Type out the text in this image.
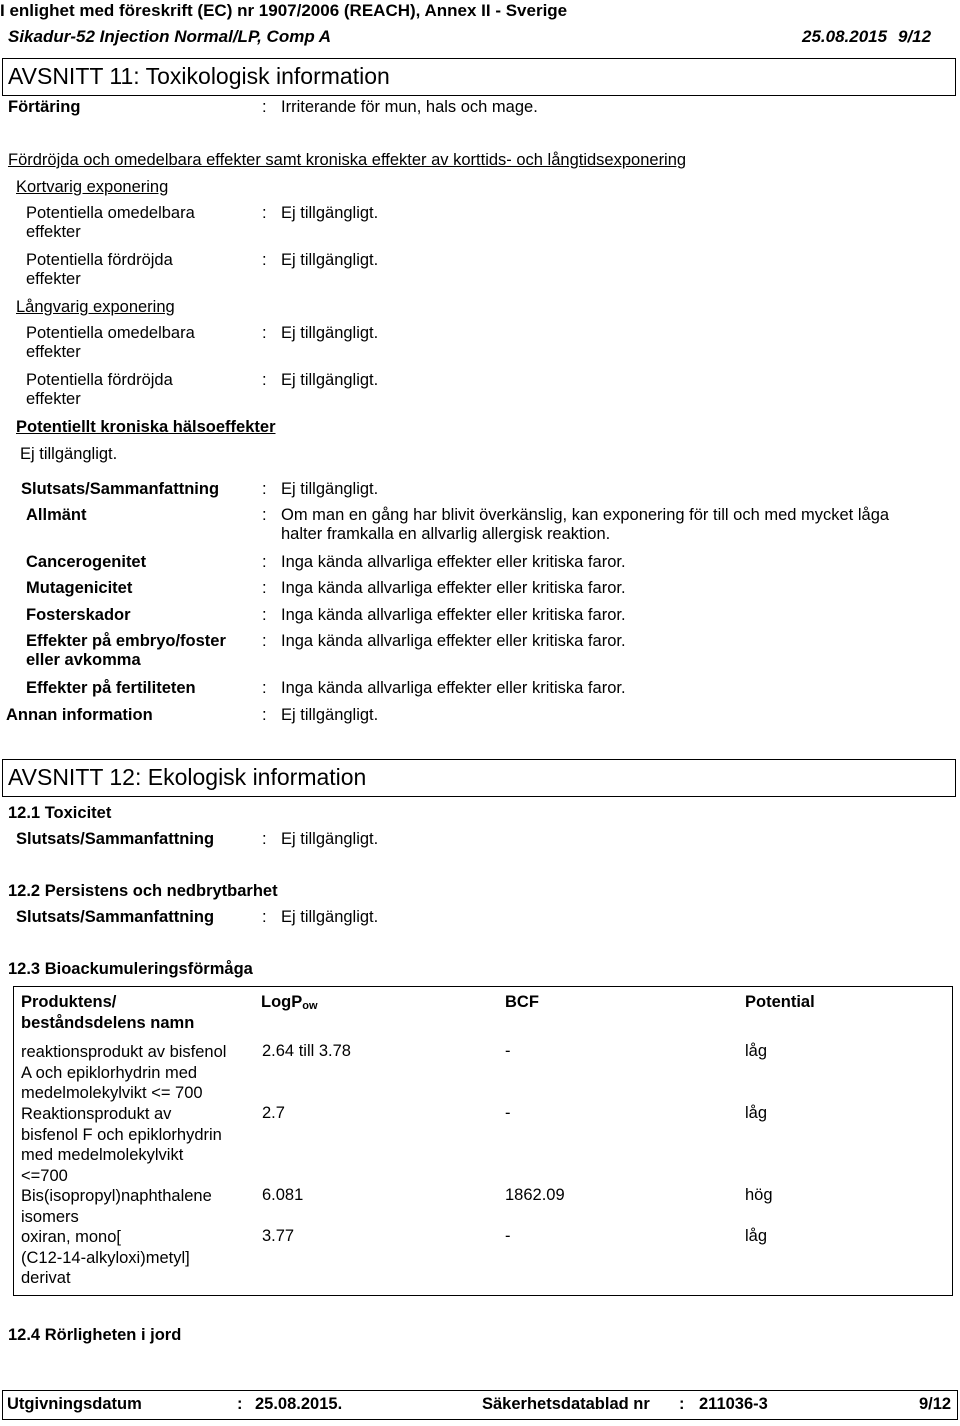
I enlighet med föreskrift (EC) nr 1907/2006 (REACH), Annex II - Sverige
Sikadur-52 Injection Normal/LP, Comp A	25.08.2015 9/12
AVSNITT 11: Toxikologisk information
Förtäring	: Irriterande för mun, hals och mage.
Fördröjda och omedelbara effekter samt kroniska effekter av korttids- och långtidsexponering
Kortvarig exponering
Potentiella omedelbara
effekter
: Ej tillgängligt.
Potentiella fördröjda
effekter
: Ej tillgängligt.
Långvarig exponering
Potentiella omedelbara
effekter
: Ej tillgängligt.
Potentiella fördröjda
effekter
: Ej tillgängligt.
Potentiellt kroniska hälsoeffekter
Ej tillgängligt.
Slutsats/Sammanfattning	: Ej tillgängligt.
Allmänt	: Om man en gång har blivit överkänslig, kan exponering för till och med mycket låga
halter framkalla en allvarlig allergisk reaktion.
Cancerogenitet	: Inga kända allvarliga effekter eller kritiska faror.
Mutagenicitet	: Inga kända allvarliga effekter eller kritiska faror.
Fosterskador	: Inga kända allvarliga effekter eller kritiska faror.
Effekter på embryo/foster
eller avkomma
: Inga kända allvarliga effekter eller kritiska faror.
Effekter på fertiliteten	: Inga kända allvarliga effekter eller kritiska faror.
Annan information	: Ej tillgängligt.
AVSNITT 12: Ekologisk information
12.1 Toxicitet
Slutsats/Sammanfattning	: Ej tillgängligt.
12.2 Persistens och nedbrytbarhet
Slutsats/Sammanfattning	: Ej tillgängligt.
12.3 Bioackumuleringsförmåga
Produktens/
beståndsdelens namn
LogP$_{ow}$	BCF	Potential
reaktionsprodukt av bisfenol
A och epiklorhydrin med
medelmolekylvikt <= 700
2.64 till 3.78	-	låg
Reaktionsprodukt av
bisfenol F och epiklorhydrin
med medelmolekylvikt
<=700
2.7	-	låg
Bis(isopropyl)naphthalene
isomers
6.081	1862.09	hög
oxiran, mono[
(C12-14-alkyloxi)metyl]
derivat
3.77	-	låg
12.4 Rörligheten i jord
Utgivningsdatum	: 25.08.2015.	Säkerhetsdatablad nr : 211036-3	9/12
